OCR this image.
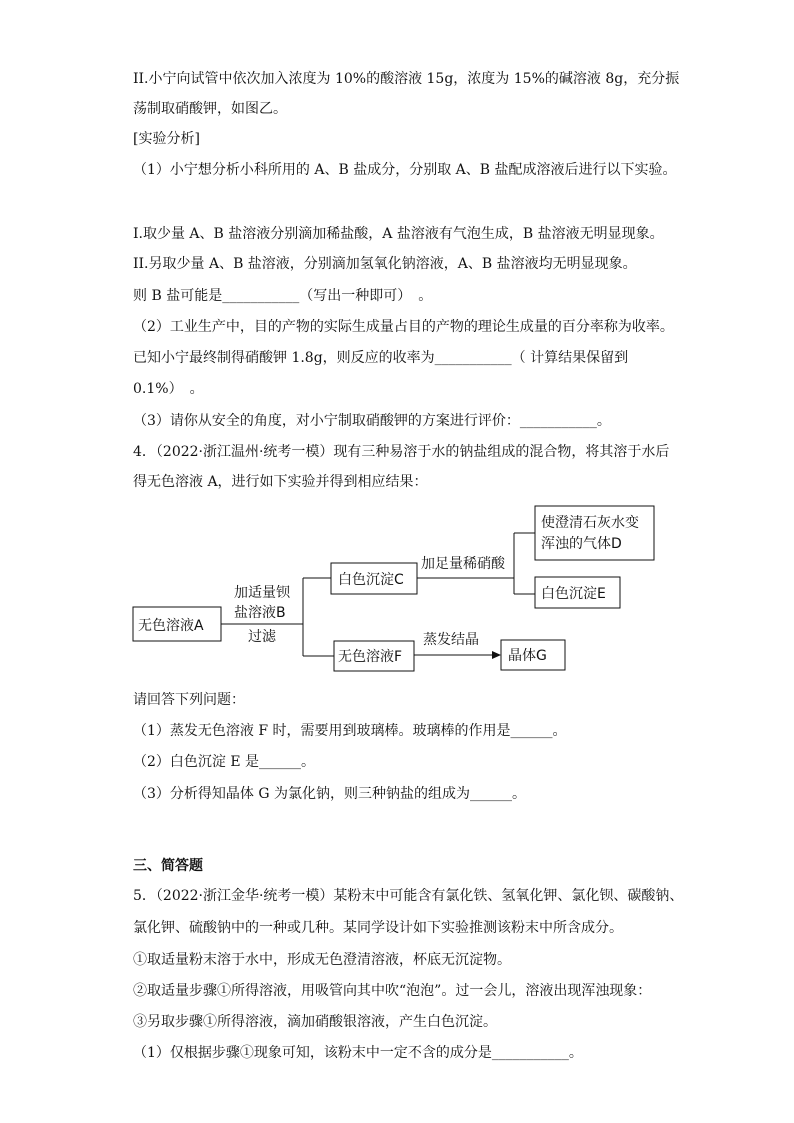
II.小宁向试管中依次加入浓度为 10%的酸溶液 15g，浓度为 15%的碱溶液 8g，充分振
荡制取硝酸钾，如图乙。
[实验分析]
（1）小宁想分析小科所用的 A、B 盐成分，分别取 A、B 盐配成溶液后进行以下实验。
I.取少量 A、B 盐溶液分别滴加稀盐酸，A 盐溶液有气泡生成，B 盐溶液无明显现象。
II.另取少量 A、B 盐溶液，分别滴加氢氧化钠溶液，A、B 盐溶液均无明显现象。
则 B 盐可能是___________（写出一种即可）　。
（2）工业生产中，目的产物的实际生成量占目的产物的理论生成量的百分率称为收率。
已知小宁最终制得硝酸钾 1.8g，则反应的收率为___________（ 计算结果保留到
0.1%）　。
（3）请你从安全的角度，对小宁制取硝酸钾的方案进行评价：___________。
4．（2022·浙江温州·统考一模）现有三种易溶于水的钠盐组成的混合物，将其溶于水后
得无色溶液 A，进行如下实验并得到相应结果：
无色溶液A
加适量钡
盐溶液B
过滤
白色沉淀C
加足量稀硝酸
使澄清石灰水变
浑浊的气体D
白色沉淀E
无色溶液F
蒸发结晶
晶体G
请回答下列问题：
（1）蒸发无色溶液 F 时，需要用到玻璃棒。玻璃棒的作用是______。
（2）白色沉淀 E 是______。
（3）分析得知晶体 G 为氯化钠，则三种钠盐的组成为______。
三、简答题
5．（2022·浙江金华·统考一模）某粉末中可能含有氯化铁、氢氧化钾、氯化钡、碳酸钠、
氯化钾、硫酸钠中的一种或几种。某同学设计如下实验推测该粉末中所含成分。
①取适量粉末溶于水中，形成无色澄清溶液，杯底无沉淀物。
②取适量步骤①所得溶液，用吸管向其中吹“泡泡”。过一会儿，溶液出现浑浊现象：
③另取步骤①所得溶液，滴加硝酸银溶液，产生白色沉淀。
（1）仅根据步骤①现象可知，该粉末中一定不含的成分是___________。
